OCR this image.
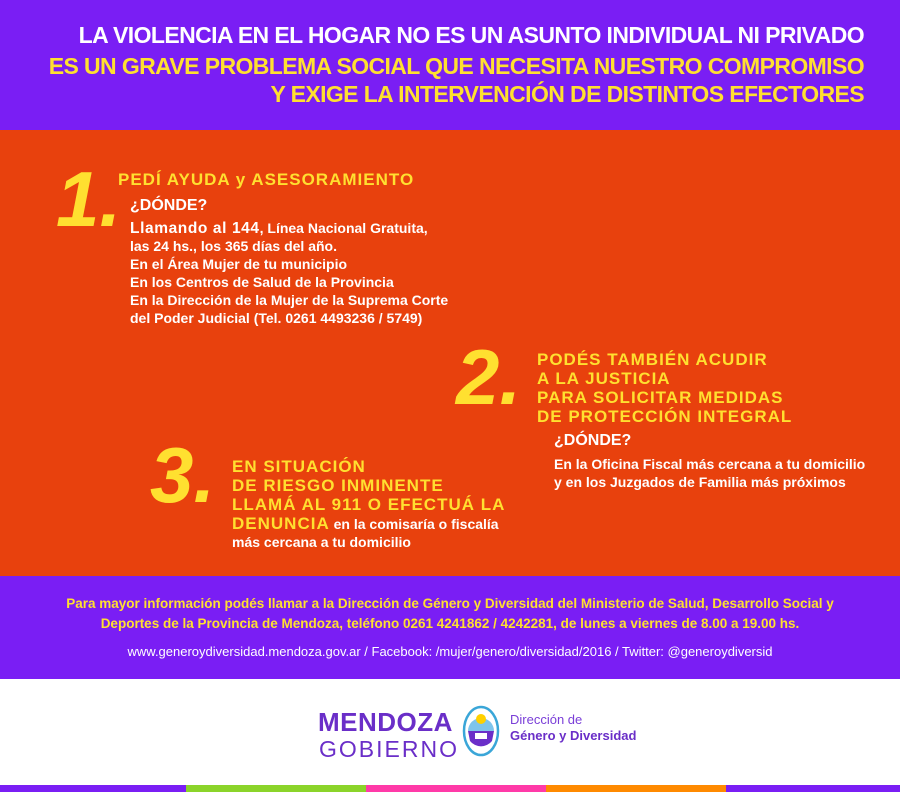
LA VIOLENCIA EN EL HOGAR NO ES UN ASUNTO INDIVIDUAL NI PRIVADO
ES UN GRAVE PROBLEMA SOCIAL QUE NECESITA NUESTRO COMPROMISO
Y EXIGE LA INTERVENCIÓN DE DISTINTOS EFECTORES
1.
PEDÍ AYUDA y ASESORAMIENTO
¿DÓNDE?
Llamando al 144, Línea Nacional Gratuita,
las 24 hs., los 365 días del año.
En el Área Mujer de tu municipio
En los Centros de Salud de la Provincia
En la Dirección de la Mujer de la Suprema Corte
del Poder Judicial (Tel. 0261 4493236 / 5749)
2. PODÉS TAMBIÉN ACUDIR
A LA JUSTICIA
PARA SOLICITAR MEDIDAS
DE PROTECCIÓN INTEGRAL
¿DÓNDE?
En la Oficina Fiscal más cercana a tu domicilio
y en los Juzgados de Familia más próximos
3. EN SITUACIÓN
DE RIESGO INMINENTE
LLAMÁ AL 911 O EFECTUÁ LA
DENUNCIA en la comisaría o fiscalía
más cercana a tu domicilio
Para mayor información podés llamar a la Dirección de Género y Diversidad del Ministerio de Salud, Desarrollo Social y
Deportes de la Provincia de Mendoza, teléfono 0261 4241862 / 4242281, de lunes a viernes de 8.00 a 19.00 hs.
www.generoydiversidad.mendoza.gov.ar / Facebook: /mujer/genero/diversidad/2016 / Twitter: @generoydiversid
MENDOZA
GOBIERNO
Dirección de
Género y Diversidad
